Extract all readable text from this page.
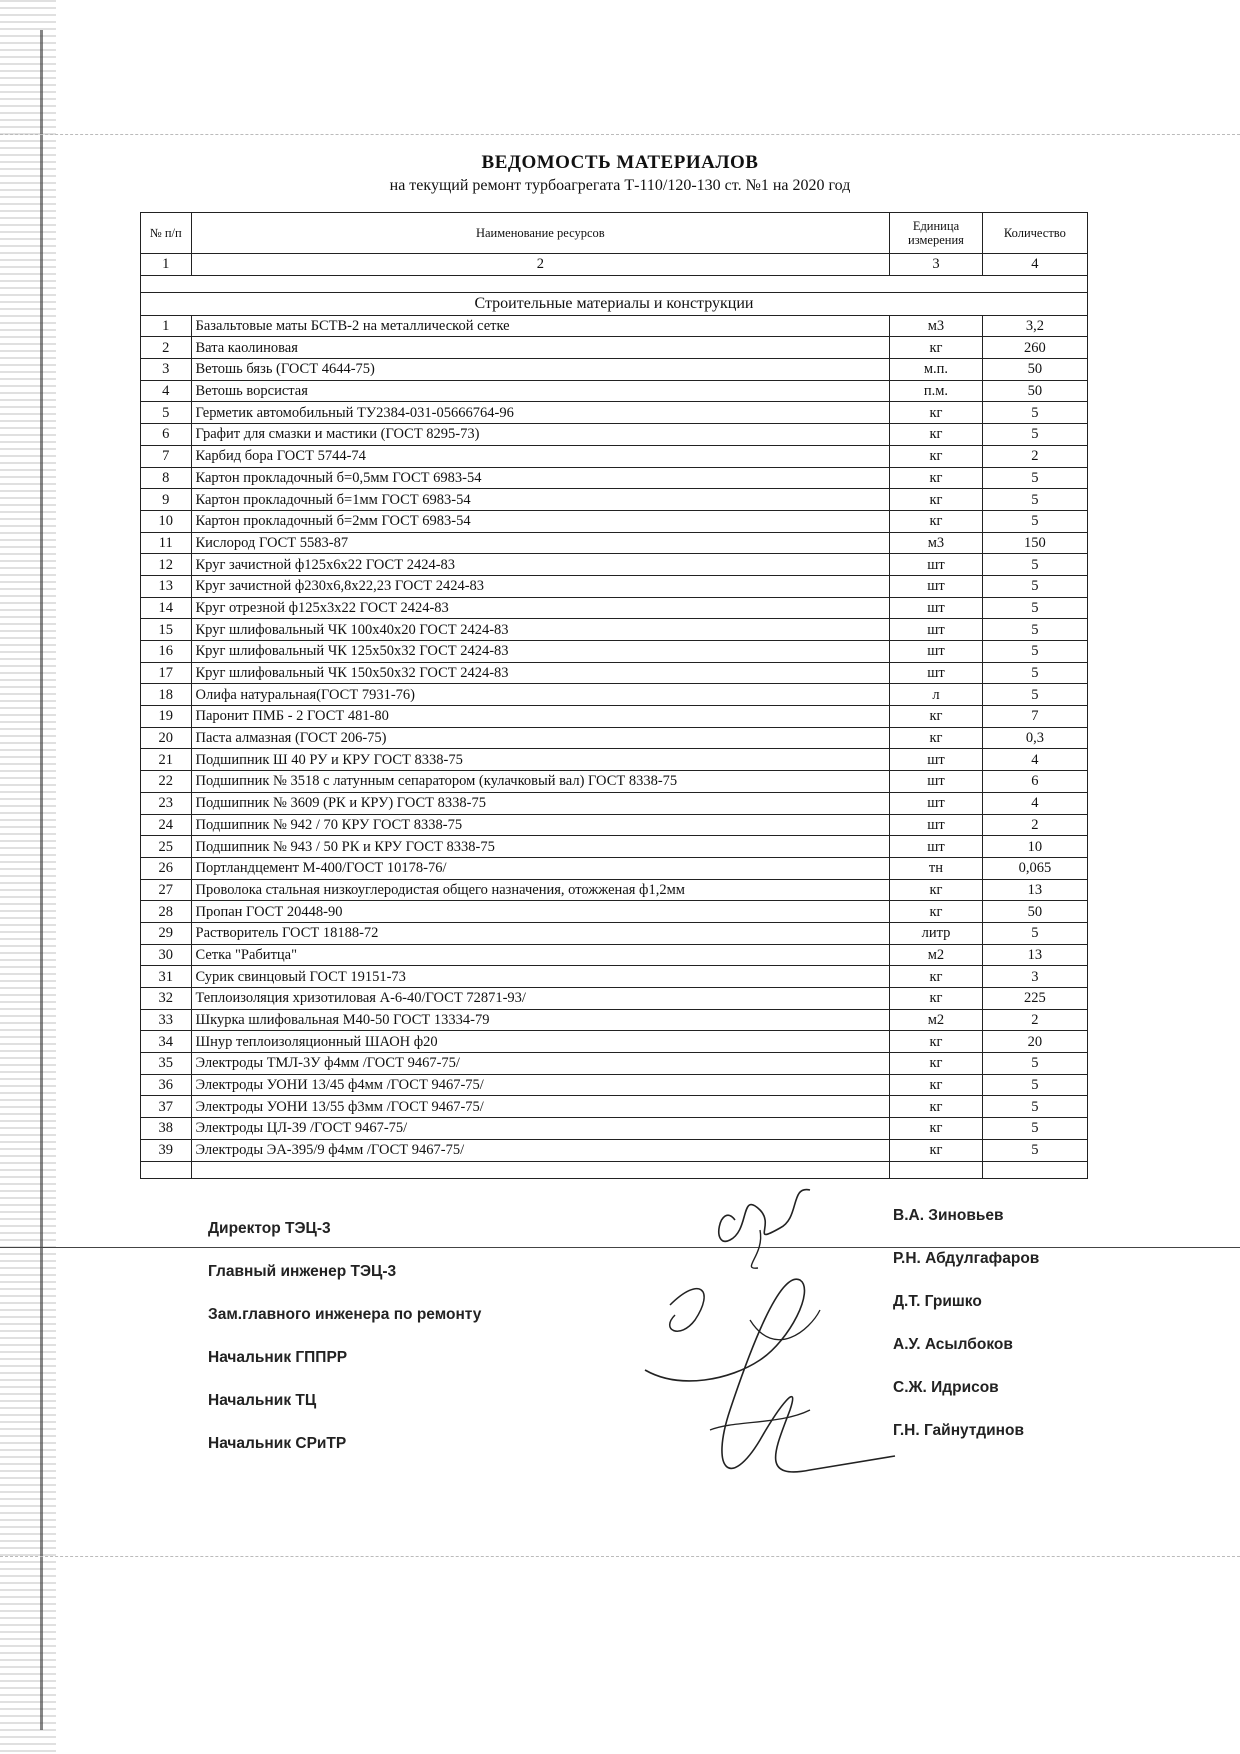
ВЕДОМОСТЬ МАТЕРИАЛОВ
на текущий ремонт турбоагрегата Т-110/120-130 ст. №1 на 2020 год
№ п/п	Наименование ресурсов	Единица измерения	Количество
1	2	3	4

Строительные материалы и конструкции			
1	Базальтовые маты БСТВ-2 на металлической сетке	м3	3,2
2	Вата каолиновая	кг	260
3	Ветошь бязь (ГОСТ 4644-75)	м.п.	50
4	Ветошь ворсистая	п.м.	50
5	Герметик автомобильный ТУ2384-031-05666764-96	кг	5
6	Графит для смазки и мастики (ГОСТ 8295-73)	кг	5
7	Карбид бора ГОСТ 5744-74	кг	2
8	Картон прокладочный б=0,5мм ГОСТ 6983-54	кг	5
9	Картон прокладочный б=1мм ГОСТ 6983-54	кг	5
10	Картон прокладочный б=2мм ГОСТ 6983-54	кг	5
11	Кислород ГОСТ 5583-87	м3	150
12	Круг зачистной ф125х6х22 ГОСТ 2424-83	шт	5
13	Круг зачистной ф230х6,8х22,23 ГОСТ 2424-83	шт	5
14	Круг отрезной ф125х3х22 ГОСТ 2424-83	шт	5
15	Круг шлифовальный ЧК 100х40х20 ГОСТ 2424-83	шт	5
16	Круг шлифовальный ЧК 125х50х32 ГОСТ 2424-83	шт	5
17	Круг шлифовальный ЧК 150х50х32 ГОСТ 2424-83	шт	5
18	Олифа натуральная(ГОСТ 7931-76)	л	5
19	Паронит ПМБ - 2 ГОСТ 481-80	кг	7
20	Паста алмазная (ГОСТ 206-75)	кг	0,3
21	Подшипник Ш 40 РУ и КРУ ГОСТ 8338-75	шт	4
22	Подшипник № 3518 с латунным сепаратором (кулачковый вал) ГОСТ 8338-75	шт	6
23	Подшипник № 3609 (РК и КРУ) ГОСТ 8338-75	шт	4
24	Подшипник № 942 / 70 КРУ ГОСТ 8338-75	шт	2
25	Подшипник № 943 / 50 РК и КРУ ГОСТ 8338-75	шт	10
26	Портландцемент М-400/ГОСТ 10178-76/	тн	0,065
27	Проволока стальная низкоуглеродистая общего назначения, отожженая ф1,2мм	кг	13
28	Пропан ГОСТ 20448-90	кг	50
29	Растворитель ГОСТ 18188-72	литр	5
30	Сетка "Рабитца"	м2	13
31	Сурик свинцовый ГОСТ 19151-73	кг	3
32	Теплоизоляция хризотиловая А-6-40/ГОСТ 72871-93/	кг	225
33	Шкурка шлифовальная М40-50 ГОСТ 13334-79	м2	2
34	Шнур теплоизоляционный ШАОН ф20	кг	20
35	Электроды ТМЛ-3У ф4мм /ГОСТ 9467-75/	кг	5
36	Электроды УОНИ 13/45 ф4мм /ГОСТ 9467-75/	кг	5
37	Электроды УОНИ 13/55 ф3мм /ГОСТ 9467-75/	кг	5
38	Электроды ЦЛ-39 /ГОСТ 9467-75/	кг	5
39	Электроды ЭА-395/9 ф4мм /ГОСТ 9467-75/	кг	5

Директор ТЭЦ-3
Главный инженер ТЭЦ-3
Зам.главного инженера по ремонту
Начальник ГППРР
Начальник ТЦ
Начальник СРиТР
В.А. Зиновьев
Р.Н. Абдулгафаров
Д.Т. Гришко
А.У. Асылбоков
С.Ж. Идрисов
Г.Н. Гайнутдинов
